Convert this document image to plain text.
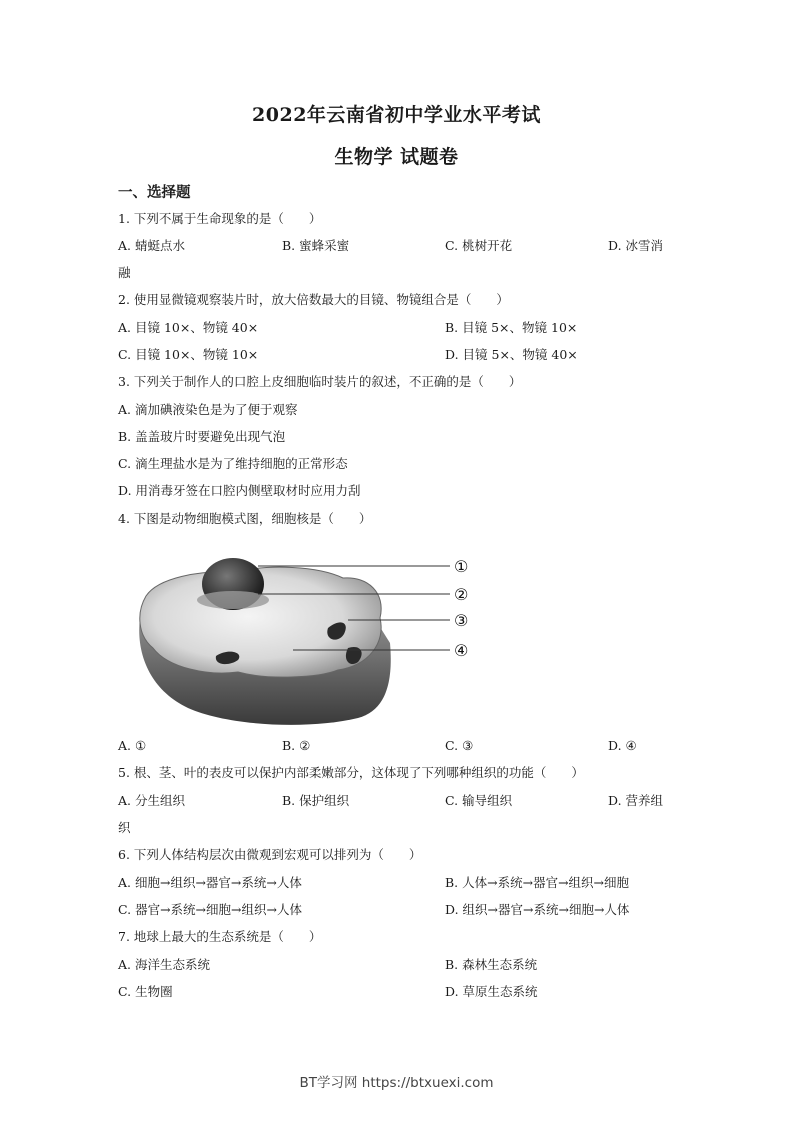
2022年云南省初中学业水平考试
生物学 试题卷
一、选择题
1. 下列不属于生命现象的是（　　）
A. 蜻蜓点水	B. 蜜蜂采蜜	C. 桃树开花	D. 冰雪消
融
2. 使用显微镜观察装片时，放大倍数最大的目镜、物镜组合是（　　）
A. 目镜 10×、物镜 40×	B. 目镜 5×、物镜 10×
C. 目镜 10×、物镜 10×	D. 目镜 5×、物镜 40×
3. 下列关于制作人的口腔上皮细胞临时装片的叙述，不正确的是（　　）
A. 滴加碘液染色是为了便于观察
B. 盖盖玻片时要避免出现气泡
C. 滴生理盐水是为了维持细胞的正常形态
D. 用消毒牙签在口腔内侧壁取材时应用力刮
4. 下图是动物细胞模式图，细胞核是（　　）
①
②
③
④
A. ①	B. ②	C. ③	D. ④
5. 根、茎、叶的表皮可以保护内部柔嫩部分，这体现了下列哪种组织的功能（　　）
A. 分生组织	B. 保护组织	C. 输导组织	D. 营养组
织
6. 下列人体结构层次由微观到宏观可以排列为（　　）
A. 细胞→组织→器官→系统→人体	B. 人体→系统→器官→组织→细胞
C. 器官→系统→细胞→组织→人体	D. 组织→器官→系统→细胞→人体
7. 地球上最大的生态系统是（　　）
A. 海洋生态系统	B. 森林生态系统
C. 生物圈	D. 草原生态系统
BT学习网 https://btxuexi.com
